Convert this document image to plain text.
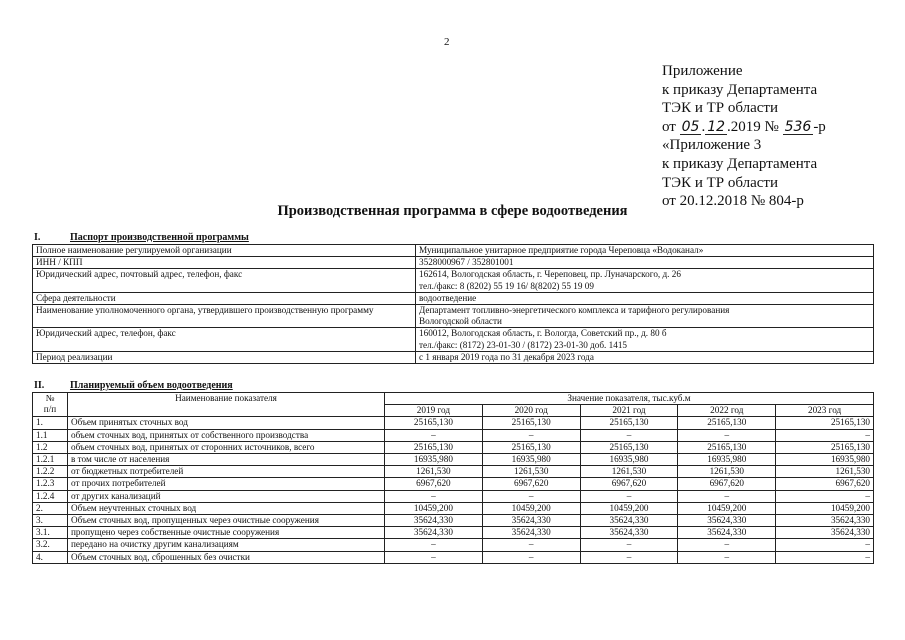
2
Приложение
к приказу Департамента
ТЭК и ТР области
от 05 . 12 .2019 № 536 -р
«Приложение 3
к приказу Департамента
ТЭК и ТР области
от 20.12.2018 № 804-р
Производственная программа в сфере водоотведения
I.	Паспорт производственной программы
Полное наименование регулируемой организации	Муниципальное унитарное предприятие города Череповца «Водоканал»
ИНН / КПП	3528000967 / 352801001
Юридический адрес, почтовый адрес, телефон, факс	162614, Вологодская область, г. Череповец, пр. Луначарского, д. 26
тел./факс: 8 (8202) 55 19 16/ 8(8202) 55 19 09

Сфера деятельности	водоотведение
Наименование уполномоченного органа, утвердившего производственную программу	Департамент топливно-энергетического комплекса и тарифного регулирования
Вологодской области

Юридический адрес, телефон, факс	160012, Вологодская область, г. Вологда, Советский пр., д. 80 б
тел./факс: (8172) 23-01-30 / (8172) 23-01-30 доб. 1415

Период реализации	с 1 января 2019 года по 31 декабря 2023 года
II.	Планируемый объем водоотведения
№
п/п	Наименование показателя	Значение показателя, тыс.куб.м				
		2019 год	2020 год	2021 год	2022 год	2023 год
1.	Объем принятых сточных вод	25165,130	25165,130	25165,130	25165,130	25165,130
1.1	объем сточных вод, принятых от собственного производства	–	–	–	–	–
1.2	объем сточных вод, принятых от сторонних источников, всего	25165,130	25165,130	25165,130	25165,130	25165,130
1.2.1	в том числе от населения	16935,980	16935,980	16935,980	16935,980	16935,980
1.2.2	от бюджетных потребителей	1261,530	1261,530	1261,530	1261,530	1261,530
1.2.3	от прочих потребителей	6967,620	6967,620	6967,620	6967,620	6967,620
1.2.4	от других канализаций	–	–	–	–	–
2.	Объем неучтенных сточных вод	10459,200	10459,200	10459,200	10459,200	10459,200
3.	Объем сточных вод, пропущенных через очистные сооружения	35624,330	35624,330	35624,330	35624,330	35624,330
3.1.	пропущено через собственные очистные сооружения	35624,330	35624,330	35624,330	35624,330	35624,330
3.2.	передано на очистку другим канализациям	–	–	–	–	–
4.	Объем сточных вод, сброшенных без очистки	–	–	–	–	–
